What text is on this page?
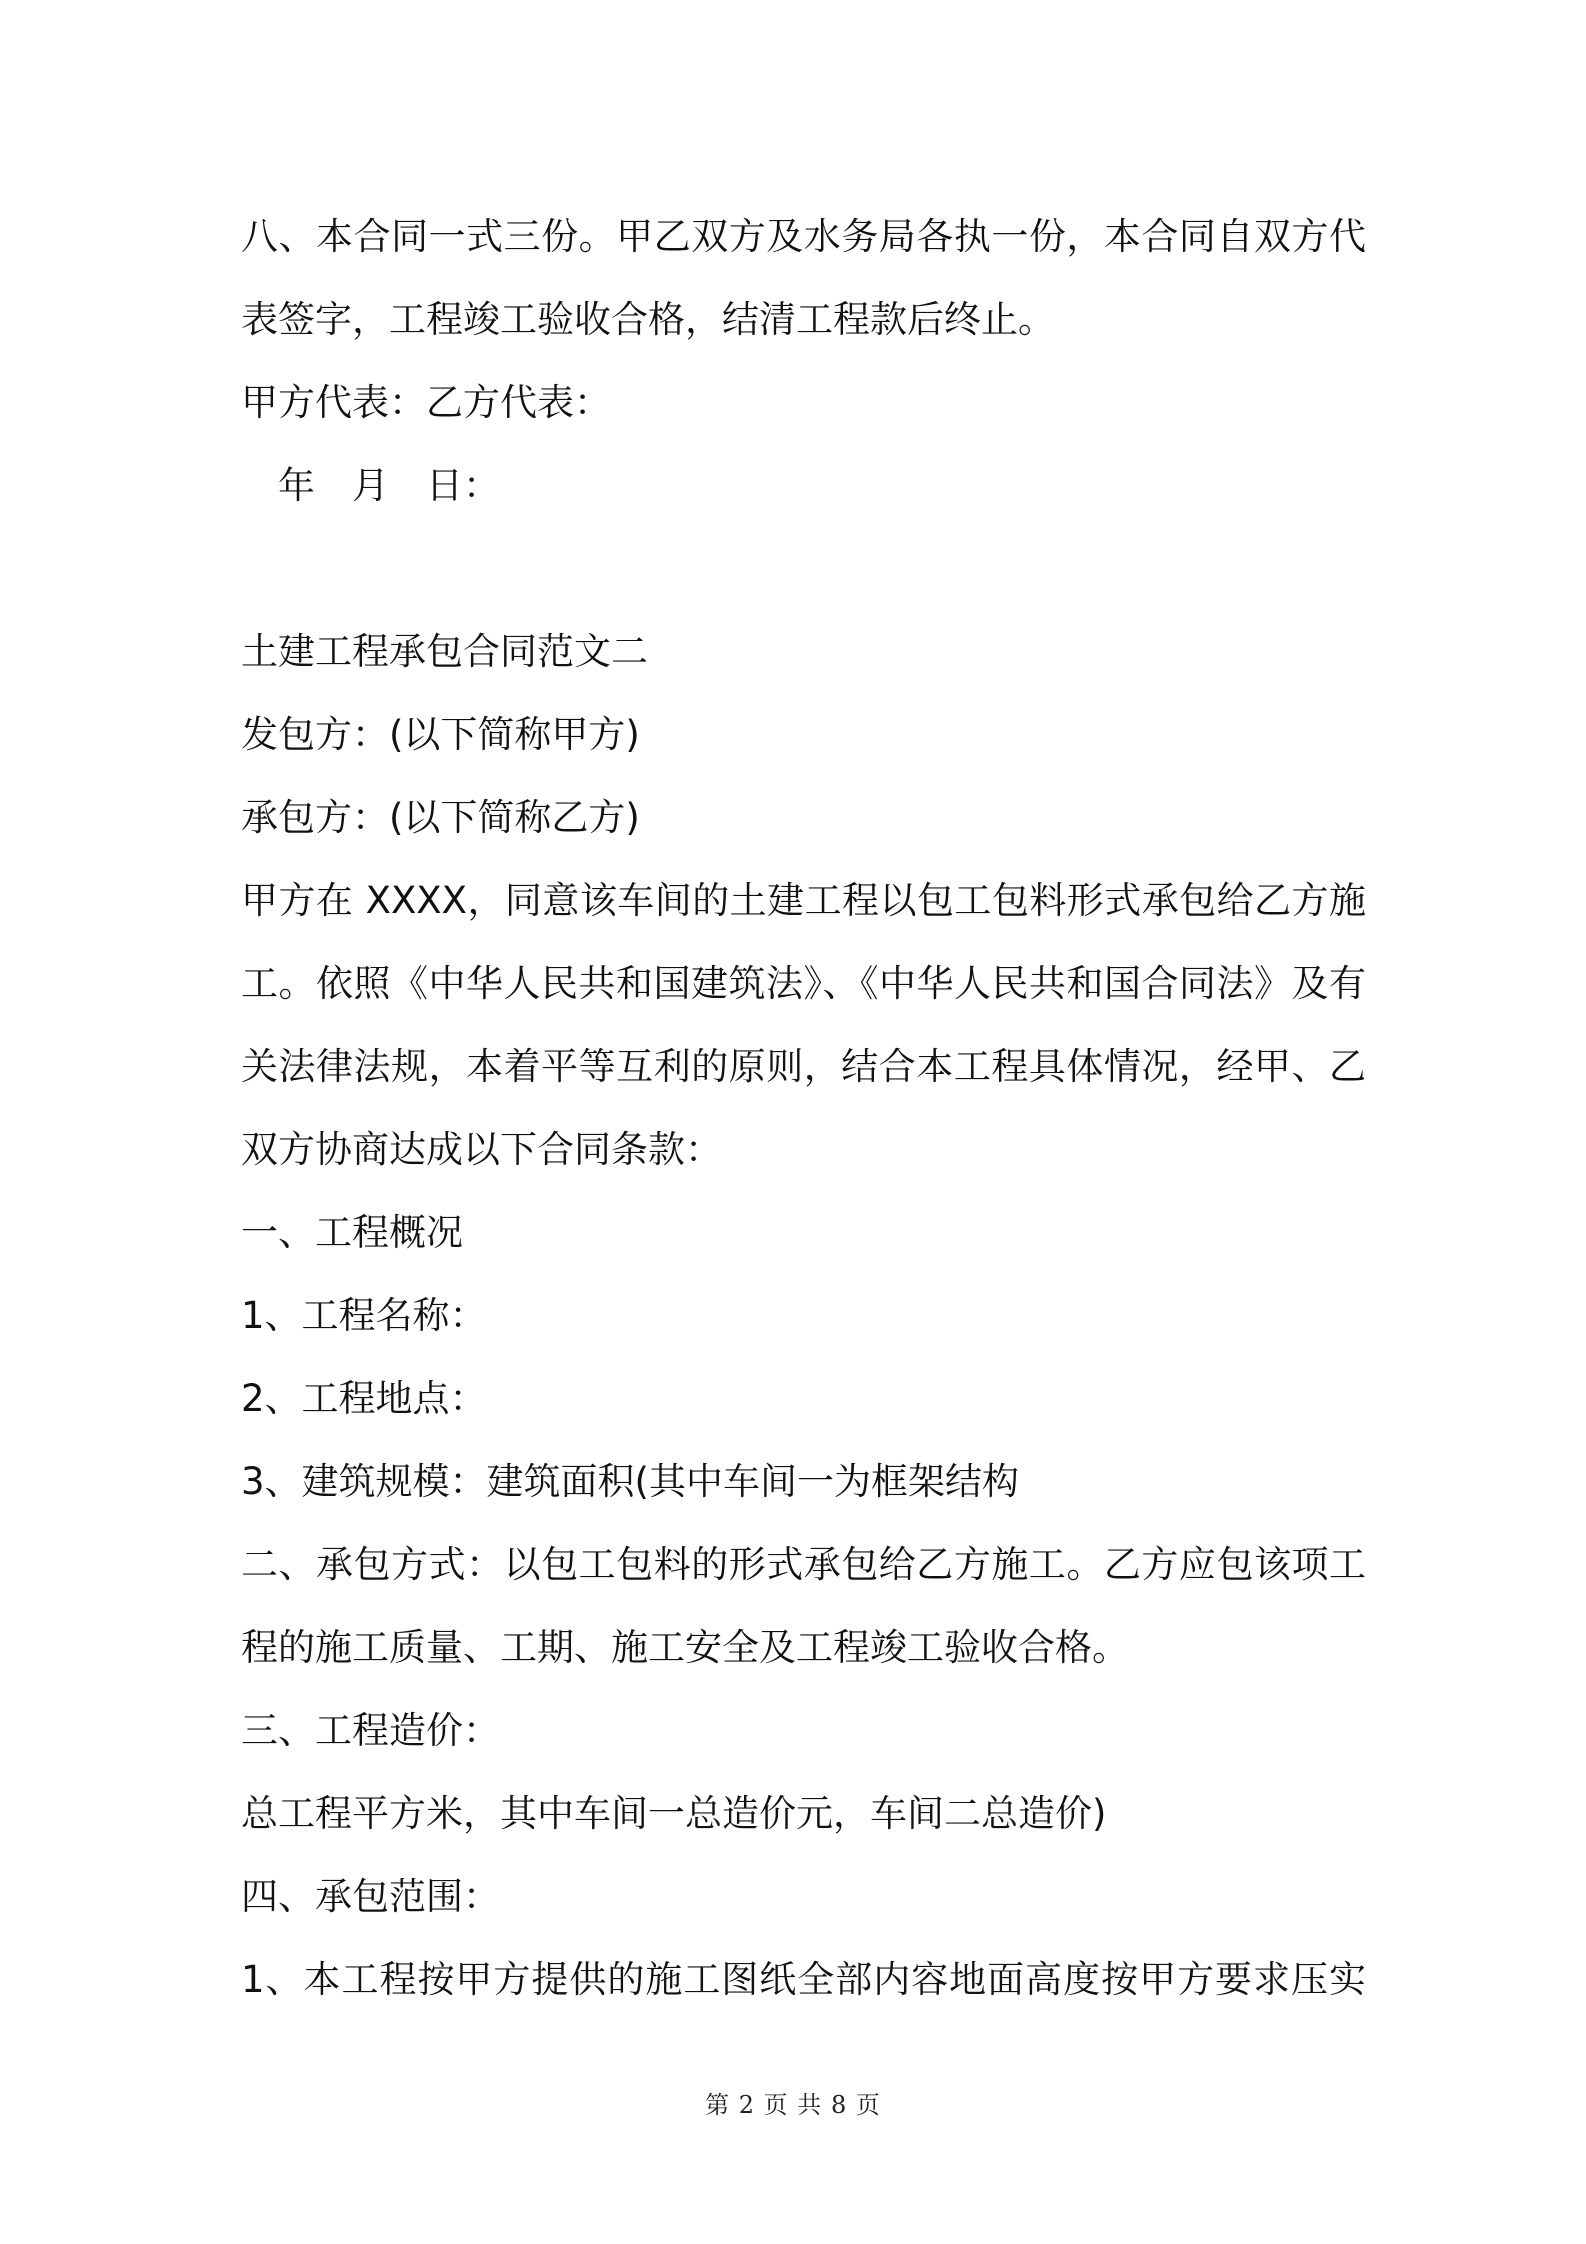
八、本合同一式三份。甲乙双方及水务局各执一份，本合同自双方代
表签字，工程竣工验收合格，结清工程款后终止。
甲方代表：乙方代表：
　年　月　日：
土建工程承包合同范文二
发包方：(以下简称甲方)
承包方：(以下简称乙方)
甲方在 XXXX，同意该车间的土建工程以包工包料形式承包给乙方施
工。依照《中华人民共和国建筑法》、《中华人民共和国合同法》及有
关法律法规，本着平等互利的原则，结合本工程具体情况，经甲、乙
双方协商达成以下合同条款：
一、工程概况
1、工程名称：
2、工程地点：
3、建筑规模：建筑面积(其中车间一为框架结构
二、承包方式：以包工包料的形式承包给乙方施工。乙方应包该项工
程的施工质量、工期、施工安全及工程竣工验收合格。
三、工程造价：
总工程平方米，其中车间一总造价元，车间二总造价)
四、承包范围：
1、本工程按甲方提供的施工图纸全部内容地面高度按甲方要求压实
第 2 页 共 8 页
